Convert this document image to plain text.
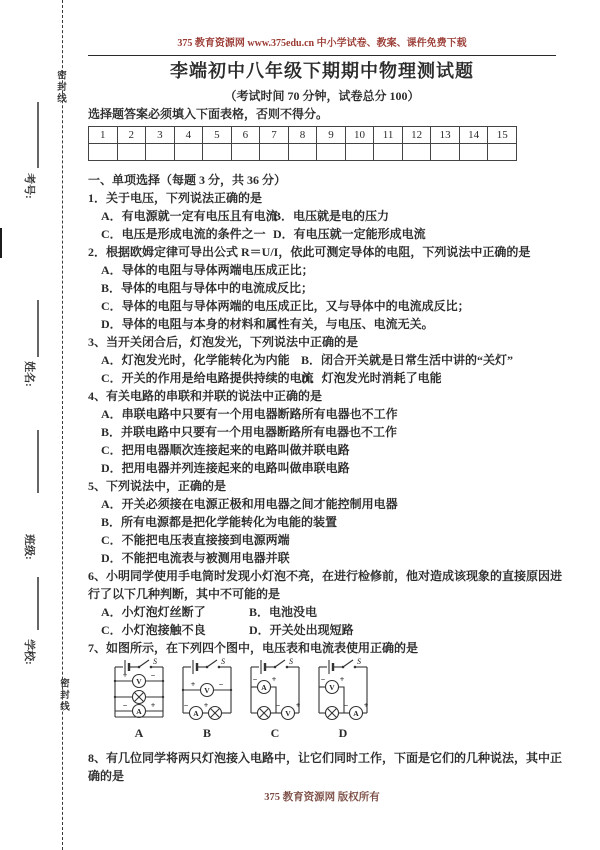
密封线
密封线
考号:
姓名:
班级:
学校:
375 教育资源网 www.375edu.cn 中小学试卷、教案、课件免费下载
李端初中八年级下期期中物理测试题
（考试时间 70 分钟，试卷总分 100）
选择题答案必须填入下面表格，否则不得分。
1	2	3	4	5	6	7	8	9	10	11	12	13	14	15

一、单项选择（每题 3 分，共 36 分）
1．关于电压，下列说法正确的是
A．有电源就一定有电压且有电流B．电压就是电的压力
C．电压是形成电流的条件之一 D．有电压就一定能形成电流
2．根据欧姆定律可导出公式 R＝U/I，依此可测定导体的电阻，下列说法中正确的是
A．导体的电阻与导体两端电压成正比；
B．导体的电阻与导体中的电流成反比；
C．导体的电阻与导体两端的电压成正比，又与导体中的电流成反比；
D．导体的电阻与本身的材料和属性有关，与电压、电流无关。
3、当开关闭合后，灯泡发光，下列说法中正确的是
A．灯泡发光时，化学能转化为内能 B．闭合开关就是日常生活中讲的“关灯”
C．开关的作用是给电路提供持续的电流D．灯泡发光时消耗了电能
4、有关电路的串联和并联的说法中正确的是
A．串联电路中只要有一个用电器断路所有电器也不工作
B．并联电路中只要有一个用电器断路所有电器也不工作
C．把用电器顺次连接起来的电路叫做并联电路
D．把用电器并列连接起来的电路叫做串联电路
5、下列说法中，正确的是
A．开关必须接在电源正极和用电器之间才能控制用电器
B．所有电源都是把化学能转化为电能的装置
C．不能把电压表直接接到电源两端
D．不能把电流表与被测用电器并联
6、小明同学使用手电筒时发现小灯泡不亮，在进行检修前，他对造成该现象的直接原因进
行了以下几种判断，其中不可能的是
A．小灯泡灯丝断了	B．电池没电
C．小灯泡接触不良	D．开关处出现短路
7、如图所示，在下列四个图中，电压表和电流表使用正确的是
S
V
+	−
A
−	+
A
S
V
+	−
A
− +
B
S
A
− +
V
− +
C
S
V
− +
A
− +
D
8、有几位同学将两只灯泡接入电路中，让它们同时工作，下面是它们的几种说法，其中正
确的是
375 教育资源网 版权所有
